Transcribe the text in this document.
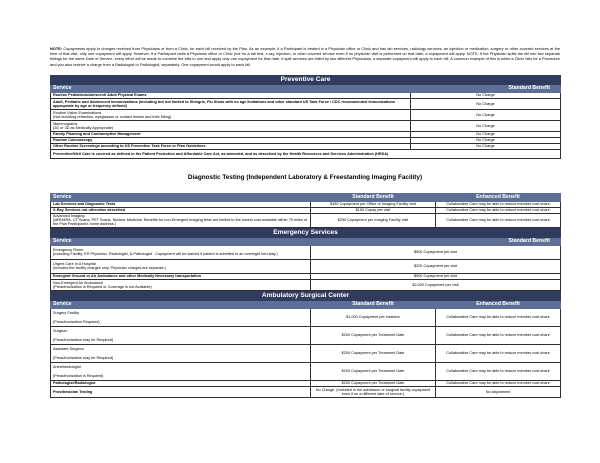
NOTE: Copayments apply to charges received from Physicians or from a Clinic, for each bill received by the Plan. As an example, if a Participant is treated in a Physician office or Clinic and has lab services, radiology services, an injection or medication, surgery or other covered services at the time of that visit, only one copayment will apply. However, if a Participant visits a Physician office or Clinic (not for a lab test, x-ray, injection, or other covered service even if no physician visit is performed on that date, a copayment will apply. NOTE: If the Physician splits the bill into two separate billings for the same Date of Service, every effort will be made to combine the bills to one and apply only one copayment for that date. If split services are billed by two different Physicians, a separate copayment will apply to each bill. A common example of this is when a Clinic bills for a Procedure and you also receive a charge from a Radiologist or Pathologist, separately. One copayment would apply to each bill.

Preventive Care	
Service	Standard Benefit
Routine Pediatric/adolescent/ Adult Physical Exams	No Charge
Adult, Pediatric and Adolescent Immunizations (including but not limited to Shingrix, Flu Shots with no age limitations and other standard US Task Force / CDC recommended immunizations appropriate by age or frequency defined)	No Charge

Routine Vision Examinations
(Not including refraction, eyeglasses or contact lenses and their fitting)	No Charge

Mammograms
(2D or 3D as Medically Appropriate)	No Charge
Family Planning and Contraceptive Management	No Charge
Routine Colonoscopy	No Charge
Other Routine Screenings according to US Preventive Task Force or Plan Guidelines	No Charge
Preventive/Well Care is covered as defined in the Patient Protection and Affordable Care Act, as amended, and as described by the Health Resources and Services Administration (HRSA)	
Diagnostic Testing (Independent Laboratory & Freestanding Imaging Facility)
Service	Standard Benefit	Enhanced Benefit
Lab Services and Diagnostic Tests	$150 Copayment per Office or Imaging Facility visit	Collaborative Care may be able to reduce member cost share
X-Ray Services not otherwise described	$150 Copay per visit	Collaborative Care may be able to reduce member cost share

Advanced Imaging
(MRI/MRA, CT Scans, PET Scans, Nuclear Medicine. Benefits for non-Emergent imaging tests are limited to the lowest cost available within 75 miles of the Plan Participant's home address.)	$250 Copayment per Imaging Facility visit	Collaborative Care may be able to reduce member cost share
Emergency Services	
Service	Standard Benefit

Emergency Room
(Including Facility, ER Physician, Radiologist, & Pathologist . Copayment will be waived if patient is admitted to an overnight bed stay.)	$500 Copayment per visit

Urgent Care In A Hospital
(includes the facility charges only. Physician charges are separate.)	$200 Copayment per visit
Emergent Ground or Air Ambulance and other Medically Necessary transportation	$500 Copayment per visit

Non-Emergent Air Ambulance
(Preauthorization is Required or Coverage is not Available)	$2,000 Copayment per visit
Ambulatory Surgical Center		
Service	Standard Benefit	Enhanced Benefit

Surgery Facility
(Preauthorization Required)	$1,000 Copayment per instance	Collaborative Care may be able to reduce member cost share

Surgeon
(Preauthorization may be Required)	$200 Copayment per Treatment Date	Collaborative Care may be able to reduce member cost share

Assistant Surgeon
(Preauthorization may be Required)	$200 Copayment per Treatment Date	Collaborative Care may be able to reduce member cost share

Anesthesiologist
(Preauthorization is Required)	$200 Copayment per Treatment Date	Collaborative Care may be able to reduce member cost share
Pathologist/Radiologist	$200 Copayment per Treatment Date	Collaborative Care may be able to reduce member cost share
Prosthesiolan Testing	No Charge. (Included in the admission or surgical facility copayment even if on a different date of service.)	No adjustment
